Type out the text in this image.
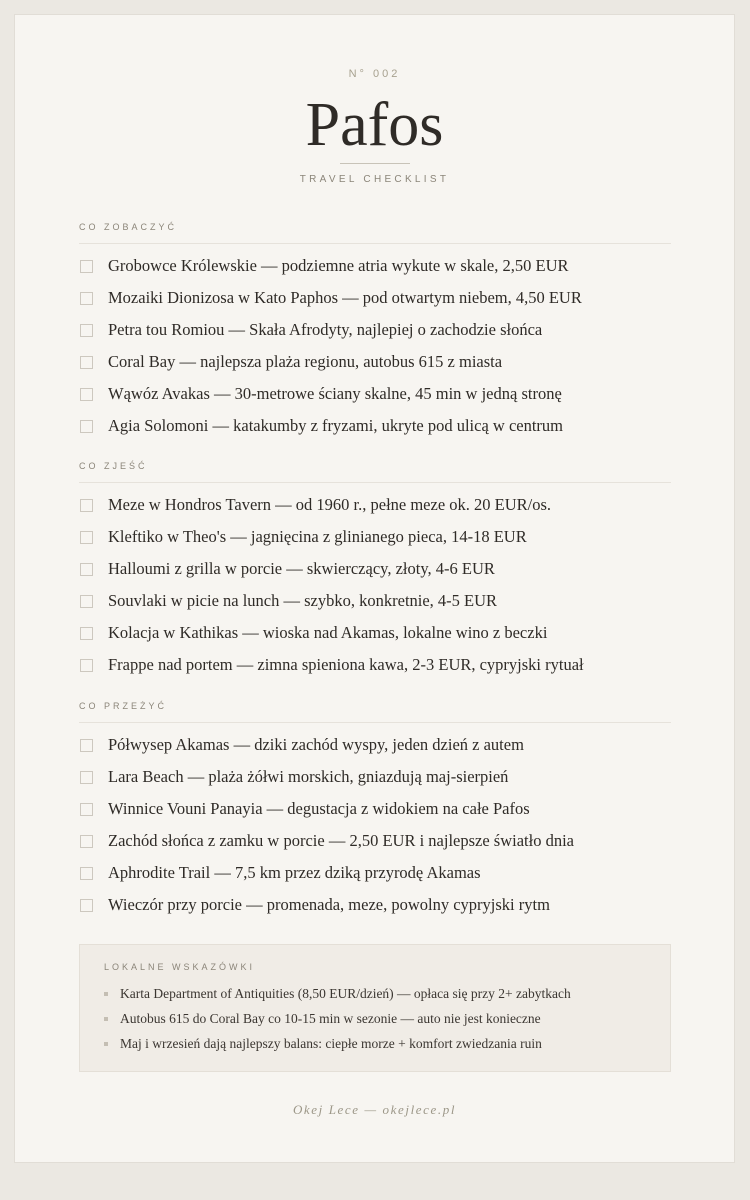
N° 002
Pafos
TRAVEL CHECKLIST
CO ZOBACZYĆ
Grobowce Królewskie — podziemne atria wykute w skale, 2,50 EUR
Mozaiki Dionizosa w Kato Paphos — pod otwartym niebem, 4,50 EUR
Petra tou Romiou — Skała Afrodyty, najlepiej o zachodzie słońca
Coral Bay — najlepsza plaża regionu, autobus 615 z miasta
Wąwóz Avakas — 30-metrowe ściany skalne, 45 min w jedną stronę
Agia Solomoni — katakumby z fryzami, ukryte pod ulicą w centrum
CO ZJEŚĆ
Meze w Hondros Tavern — od 1960 r., pełne meze ok. 20 EUR/os.
Kleftiko w Theo's — jagnięcina z glinianego pieca, 14-18 EUR
Halloumi z grilla w porcie — skwierczący, złoty, 4-6 EUR
Souvlaki w picie na lunch — szybko, konkretnie, 4-5 EUR
Kolacja w Kathikas — wioska nad Akamas, lokalne wino z beczki
Frappe nad portem — zimna spieniona kawa, 2-3 EUR, cypryjski rytuał
CO PRZEŻYĆ
Półwysep Akamas — dziki zachód wyspy, jeden dzień z autem
Lara Beach — plaża żółwi morskich, gniazdują maj-sierpień
Winnice Vouni Panayia — degustacja z widokiem na całe Pafos
Zachód słońca z zamku w porcie — 2,50 EUR i najlepsze światło dnia
Aphrodite Trail — 7,5 km przez dziką przyrodę Akamas
Wieczór przy porcie — promenada, meze, powolny cypryjski rytm
LOKALNE WSKAZÓWKI
Karta Department of Antiquities (8,50 EUR/dzień) — opłaca się przy 2+ zabytkach
Autobus 615 do Coral Bay co 10-15 min w sezonie — auto nie jest konieczne
Maj i wrzesień dają najlepszy balans: ciepłe morze + komfort zwiedzania ruin
Okej Lece — okejlece.pl
